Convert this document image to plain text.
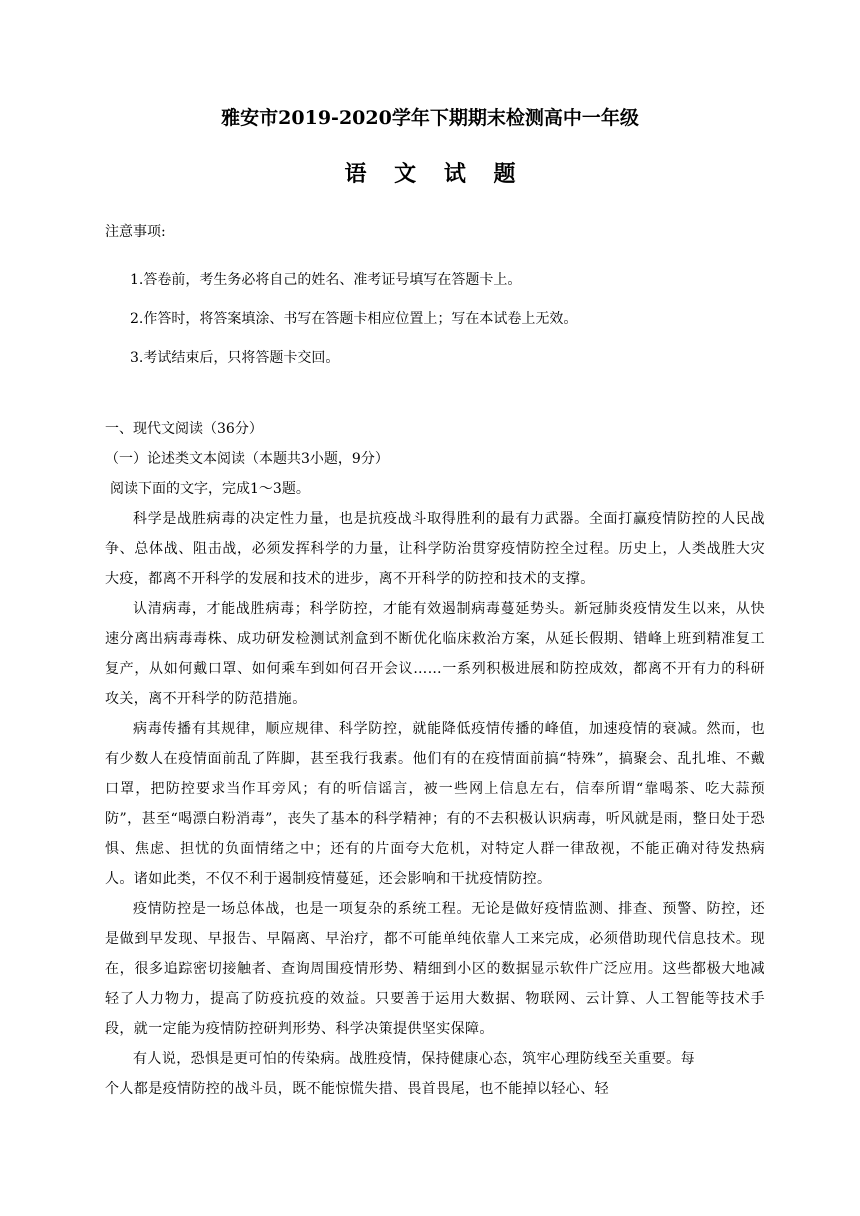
雅安市2019-2020学年下期期末检测高中一年级
语 文 试 题
注意事项:
1.答卷前，考生务必将自己的姓名、准考证号填写在答题卡上。
2.作答时，将答案填涂、书写在答题卡相应位置上；写在本试卷上无效。
3.考试结束后，只将答题卡交回。
一、现代文阅读（36分）
（一）论述类文本阅读（本题共3小题，9分）
阅读下面的文字，完成1～3题。

科学是战胜病毒的决定性力量，也是抗疫战斗取得胜利的最有力武器。全面打赢疫情防控的人民战争、总体战、阻击战，必须发挥科学的力量，让科学防治贯穿疫情防控全过程。历史上，人类战胜大灾大疫，都离不开科学的发展和技术的进步，离不开科学的防控和技术的支撑。

认清病毒，才能战胜病毒；科学防控，才能有效遏制病毒蔓延势头。新冠肺炎疫情发生以来，从快速分离出病毒毒株、成功研发检测试剂盒到不断优化临床救治方案，从延长假期、错峰上班到精准复工复产，从如何戴口罩、如何乘车到如何召开会议……一系列积极进展和防控成效，都离不开有力的科研攻关，离不开科学的防范措施。

病毒传播有其规律，顺应规律、科学防控，就能降低疫情传播的峰值，加速疫情的衰减。然而，也有少数人在疫情面前乱了阵脚，甚至我行我素。他们有的在疫情面前搞“特殊”，搞聚会、乱扎堆、不戴口罩，把防控要求当作耳旁风；有的听信谣言，被一些网上信息左右，信奉所谓“靠喝茶、吃大蒜预防”，甚至“喝漂白粉消毒”，丧失了基本的科学精神；有的不去积极认识病毒，听风就是雨，整日处于恐惧、焦虑、担忧的负面情绪之中；还有的片面夸大危机，对特定人群一律敌视，不能正确对待发热病人。诸如此类，不仅不利于遏制疫情蔓延，还会影响和干扰疫情防控。

疫情防控是一场总体战，也是一项复杂的系统工程。无论是做好疫情监测、排查、预警、防控，还是做到早发现、早报告、早隔离、早治疗，都不可能单纯依靠人工来完成，必须借助现代信息技术。现在，很多追踪密切接触者、查询周围疫情形势、精细到小区的数据显示软件广泛应用。这些都极大地减轻了人力物力，提高了防疫抗疫的效益。只要善于运用大数据、物联网、云计算、人工智能等技术手段，就一定能为疫情防控研判形势、科学决策提供坚实保障。

有人说，恐惧是更可怕的传染病。战胜疫情，保持健康心态，筑牢心理防线至关重要。每个人都是疫情防控的战斗员，既不能惊慌失措、畏首畏尾，也不能掉以轻心、轻
